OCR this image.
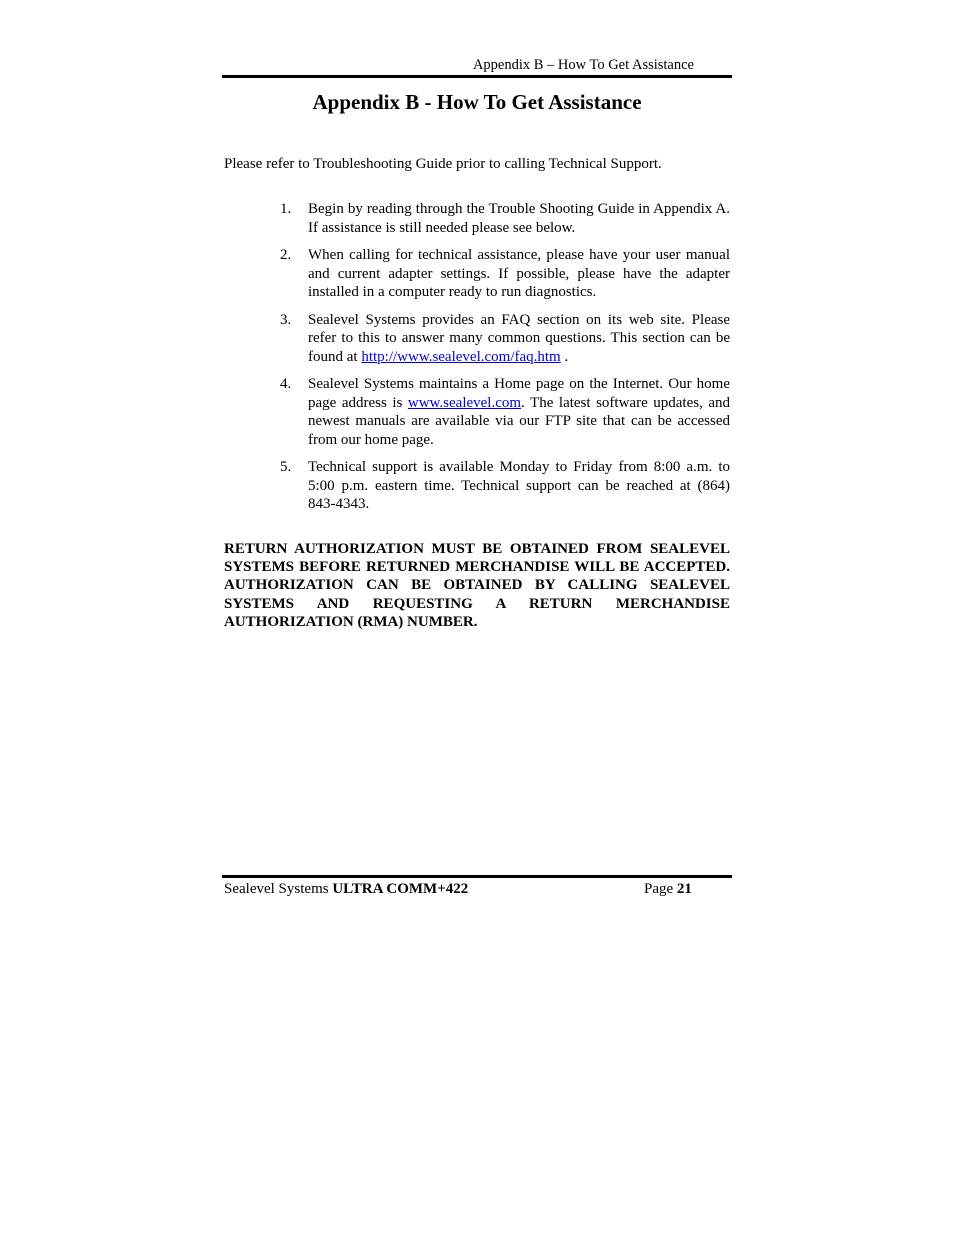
Appendix B – How To Get Assistance
Appendix B - How To Get Assistance

Please refer to Troubleshooting Guide prior to calling Technical Support.

1.	Begin by reading through the Trouble Shooting Guide in Appendix A. If assistance is still needed please see below.
2.	When calling for technical assistance, please have your user manual and current adapter settings. If possible, please have the adapter installed in a computer ready to run diagnostics.
3.	Sealevel Systems provides an FAQ section on its web site. Please refer to this to answer many common questions. This section can be found at http://www.sealevel.com/faq.htm .
4.	Sealevel Systems maintains a Home page on the Internet. Our home page address is www.sealevel.com. The latest software updates, and newest manuals are available via our FTP site that can be accessed from our home page.
5.	Technical support is available Monday to Friday from 8:00 a.m. to 5:00 p.m. eastern time. Technical support can be reached at (864) 843-4343.

RETURN AUTHORIZATION MUST BE OBTAINED FROM SEALEVEL SYSTEMS BEFORE RETURNED MERCHANDISE WILL BE ACCEPTED. AUTHORIZATION CAN BE OBTAINED BY CALLING SEALEVEL SYSTEMS AND REQUESTING A RETURN MERCHANDISE AUTHORIZATION (RMA) NUMBER.

Sealevel Systems ULTRA COMM+422	Page 21
